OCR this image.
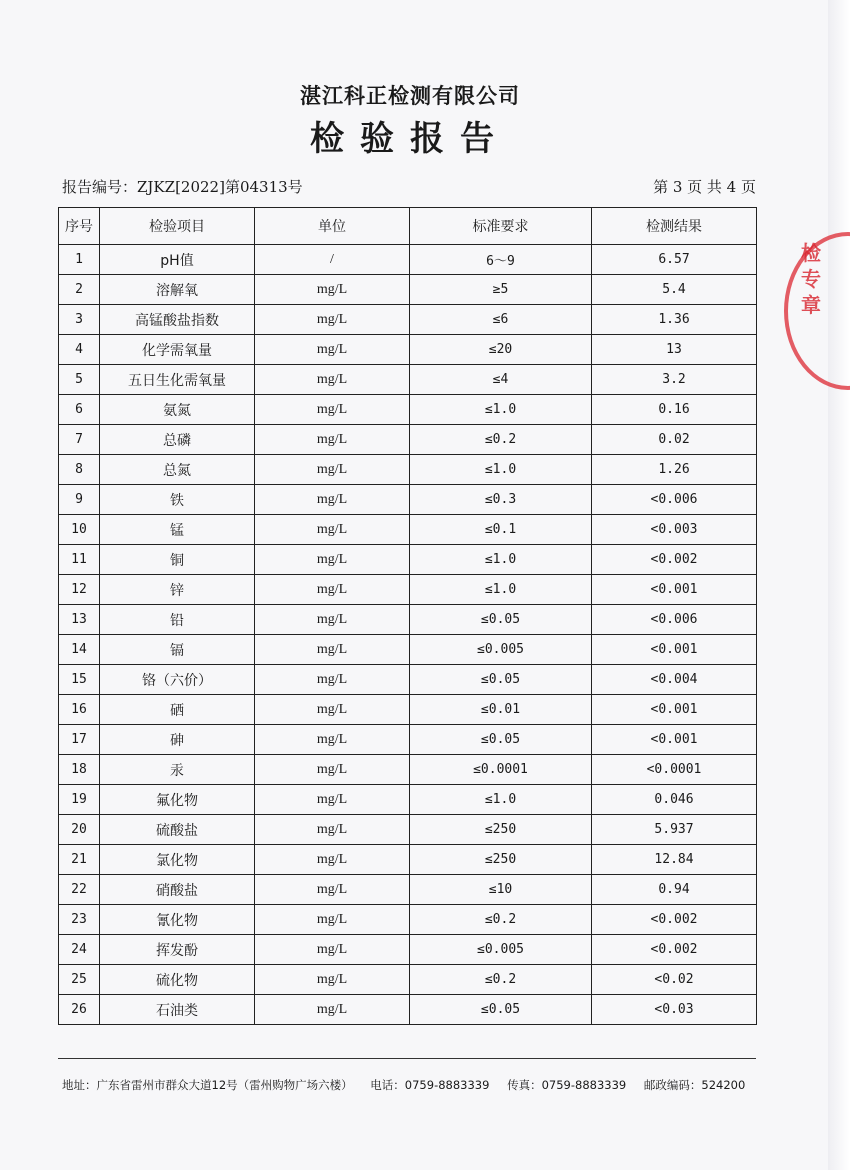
湛江科正检测有限公司
检验报告
报告编号：ZJKZ[2022]第04313号	第 3 页 共 4 页
序号	检验项目	单位	标准要求	检测结果
1	pH值	/	6～9	6.57
2	溶解氧	mg/L	≥5	5.4
3	高锰酸盐指数	mg/L	≤6	1.36
4	化学需氧量	mg/L	≤20	13
5	五日生化需氧量	mg/L	≤4	3.2
6	氨氮	mg/L	≤1.0	0.16
7	总磷	mg/L	≤0.2	0.02
8	总氮	mg/L	≤1.0	1.26
9	铁	mg/L	≤0.3	<0.006
10	锰	mg/L	≤0.1	<0.003
11	铜	mg/L	≤1.0	<0.002
12	锌	mg/L	≤1.0	<0.001
13	铅	mg/L	≤0.05	<0.006
14	镉	mg/L	≤0.005	<0.001
15	铬（六价）	mg/L	≤0.05	<0.004
16	硒	mg/L	≤0.01	<0.001
17	砷	mg/L	≤0.05	<0.001
18	汞	mg/L	≤0.0001	<0.0001
19	氟化物	mg/L	≤1.0	0.046
20	硫酸盐	mg/L	≤250	5.937
21	氯化物	mg/L	≤250	12.84
22	硝酸盐	mg/L	≤10	0.94
23	氰化物	mg/L	≤0.2	<0.002
24	挥发酚	mg/L	≤0.005	<0.002
25	硫化物	mg/L	≤0.2	<0.02
26	石油类	mg/L	≤0.05	<0.03
地址：广东省雷州市群众大道12号（雷州购物广场六楼） 电话：0759-8883339 传真：0759-8883339 邮政编码：524200
检
专
章
